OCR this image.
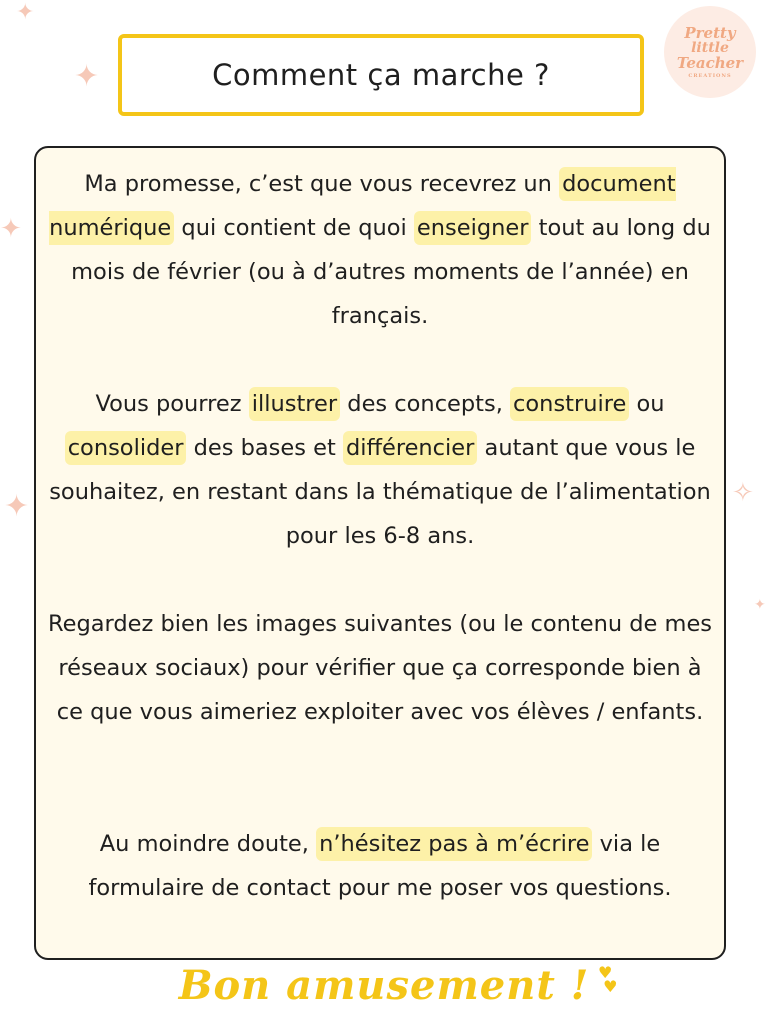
✦
✦
✦
✦	✧
✦
Pretty
little
Teacher
CREATIONS
Comment ça marche ?
Ma promesse, c’est que vous recevrez un document numérique qui contient de quoi enseigner tout au long du mois de février (ou à d’autres moments de l’année) en français.
Vous pourrez illustrer des concepts, construire ou consolider des bases et différencier autant que vous le souhaitez, en restant dans la thématique de l’alimentation pour les 6-8 ans.
Regardez bien les images suivantes (ou le contenu de mes réseaux sociaux) pour vérifier que ça corresponde bien à ce que vous aimeriez exploiter avec vos élèves / enfants.
Au moindre doute, n’hésitez pas à m’écrire via le formulaire de contact pour me poser vos questions.
Bon amusement ! ♥
♥
